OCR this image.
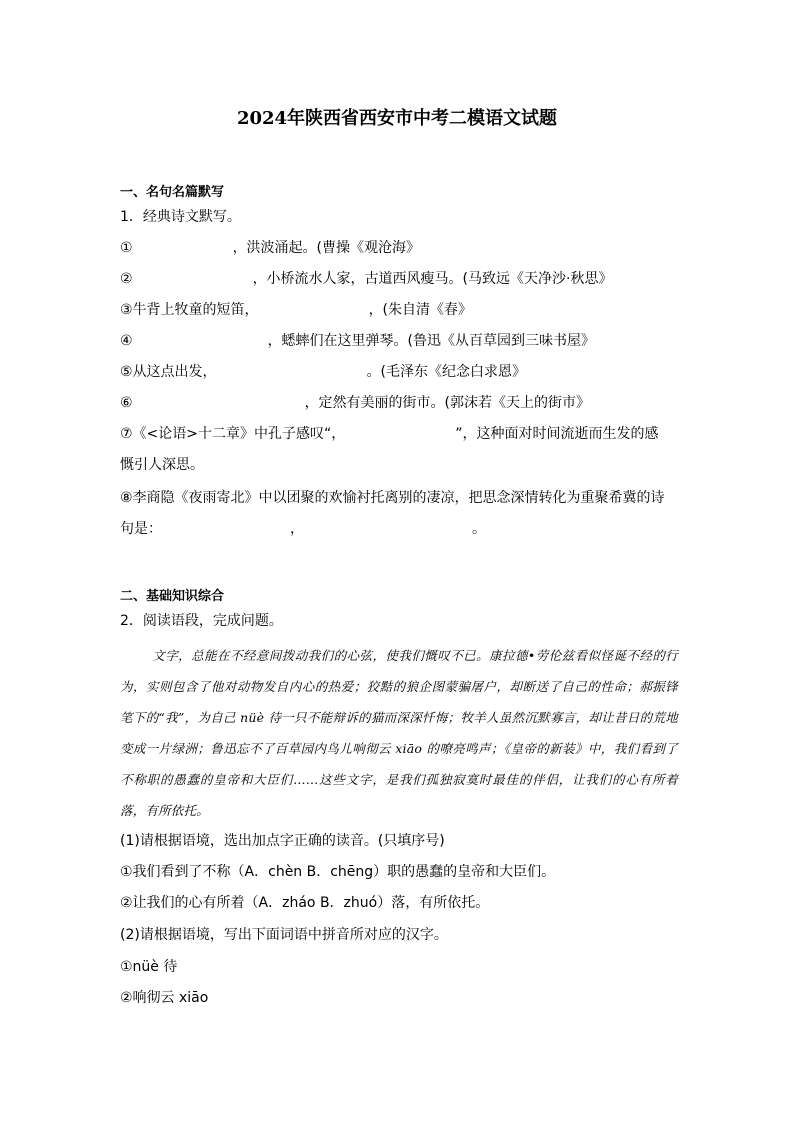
2024年陕西省西安市中考二模语文试题
一、名句名篇默写
1．经典诗文默写。
①	，洪波涌起。(曹操《观沧海》
②	，小桥流水人家，古道西风瘦马。(马致远《天净沙·秋思》
③牛背上牧童的短笛，	，(朱自清《春》
④	，蟋蟀们在这里弹琴。(鲁迅《从百草园到三味书屋》
⑤从这点出发，	。(毛泽东《纪念白求恩》
⑥	，定然有美丽的街市。(郭沫若《天上的街市》
⑦《<论语>十二章》中孔子感叹“，	”，这种面对时间流逝而生发的感
慨引人深思。
⑧李商隐《夜雨寄北》中以团聚的欢愉衬托离别的凄凉，把思念深情转化为重聚希冀的诗
句是：	，	。
二、基础知识综合
2．阅读语段，完成问题。
文字，总能在不经意间拨动我们的心弦，使我们慨叹不已。康拉德•劳伦兹看似怪诞不经的行为，实则包含了他对动物发自内心的热爱；狡黠的狼企图蒙骗屠户，却断送了自己的性命；郝振锋笔下的“我”，为自己 nüè 待一只不能辩诉的猫而深深忏悔；牧羊人虽然沉默寡言，却让昔日的荒地变成一片绿洲；鲁迅忘不了百草园内鸟儿响彻云 xiāo 的嘹亮鸣声；《皇帝的新装》中，我们看到了不称职的愚蠢的皇帝和大臣们……这些文字，是我们孤独寂寞时最佳的伴侣，让我们的心有所着落，有所依托。
(1)请根据语境，选出加点字正确的读音。(只填序号)
①我们看到了不称（A．chèn B．chēng）职的愚蠢的皇帝和大臣们。
②让我们的心有所着（A．zháo B．zhuó）落，有所依托。
(2)请根据语境，写出下面词语中拼音所对应的汉字。
①nüè 待
②响彻云 xiāo
